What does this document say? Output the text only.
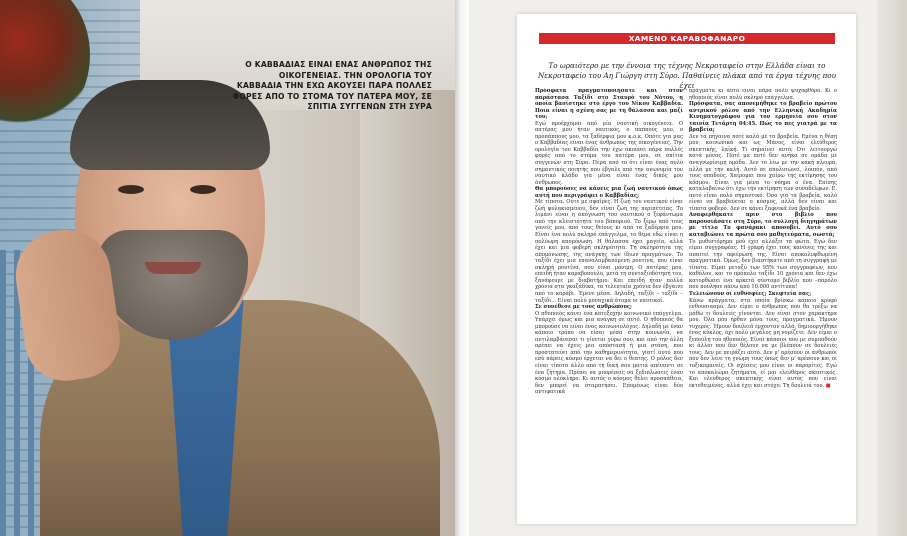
Ο ΚΑΒΒΑΔΙΑΣ ΕΙΝΑΙ ΕΝΑΣ ΑΝΘΡΩΠΟΣ ΤΗΣ ΟΙΚΟΓΕΝΕΙΑΣ. ΤΗΝ ΟΡΟΛΟΓΙΑ ΤΟΥ ΚΑΒΒΑΔΙΑ ΤΗΝ ΕΧΩ ΑΚΟΥΣΕΙ ΠΑΡΑ ΠΟΛΛΕΣ ΦΟΡΕΣ ΑΠΟ ΤΟ ΣΤΟΜΑ ΤΟΥ ΠΑΤΕΡΑ ΜΟΥ, ΣΕ ΣΠΙΤΙΑ ΣΥΓΓΕΝΩΝ ΣΤΗ ΣΥΡΑ
ΧΑΜΕΝΟ ΚΑΡΑΒΟΦΑΝΑΡΟ
Το ωραιότερο με την έννοια της τέχνης Νεκροταφείο στην Ελλάδα είναι το Νεκροταφείο του Αη Γιώργη στη Σύρο. Παθαίνεις πλάκα από τα έργα τέχνης που έχει

Πρόσφατα πραγματοποιήσατε και στον παράστασα Ταξίδι στο Σταυρό του Νότου, η οποία βασίστηκε στο έργο του Νίκου Καββαδία. Ποια είναι η σχέση σας με τη θάλασσα και μαζί του;

Εγώ προέρχομαι από μία ναυτική οικογένεια. Ο πατέρας μου ήταν ναυτικός, ο παππούς μου, ο προπάππους μου, τα ξαδέρφια μου κ.ο.κ. Οπότε για μας ο Καββαδίας είναι ένας άνθρωπος της οικογένειας. Την ορολογία του Καββαδία την έχω ακούσει πάρα πολλές φορές από το στόμα του πατέρα μου, σε σπίτια συγγενών στη Σύρα. Πέρα από το ότι είναι ένας πολύ σημαντικός ποιητής που έβγαλε από την ανωνυμία τον ναυτικό κλάδο για μένα είναι ένας δικός μου άνθρωπος.

Θα μπορούσες να κάνεις μια ζωή ναυτικού όπως αυτή που περιγράφει ο Καββαδίας;

Με τίποτα. Ούτε με σφαίρες. Η ζωή του ναυτικού είναι ζωή φυλακισμένου, δεν είναι ζωή της περιπέτειας. Το λιμάνι είναι η απόγνωση του ναυτικού ο ξεφάντωμα από την κλειστότητα του βαποριού. Το ξέρω από τους γονείς μου, από τους θείους κι από τα ξαδέρφια μου. Είναι ένα πολύ σκληρό επάγγελμα, το θέμα εδώ είναι η πολύωρη απομόνωση. Η θάλασσα έχει μαγεία, αλλά έχει και μια φοβερή σκληρότητα. Τη σκληρότητα της απομόνωσης, της ανάγκης των ίδιων πραγμάτων. Το ταξίδι έχει μια επαναλαμβανόμενη ρουτίνα, που είναι σκληρή ρουτίνα, που είναι μόνιμη. Ο πατέρας μου, επειδή ήταν καραβοπούλο, μετά τη συνταξιοδότησή του, ξανάφευγε με διαβατήριο. Και επειδή ήταν πολλά χρόνια στα γκαζάδικα, τα τελευταία χρόνια δεν έβγαινε από το καράβι. Έμενε μέσα. Δηλαδή, ταξίδι – ταξίδι – ταξίδι... Είναι πολύ μοναχικά άτομα οι ναυτικοί.

Σε συνέθεσε με τους ανθρώπους;

Ο πθοποιός κάνει ένα κατεξοχήν κοινωνικό επάγγελμα. Υπάρχει όμως και μια ανάγκη σε αυτό. Ο ηθοποιός θα μπορούσε να είναι ένας κοινωνιολόγος. Δηλαδή με έναν κάποιο τρόπο να είσαι μέσα στην κοινωνία, να αντιλαμβάνεσαι τι γίνεται γύρω σου, και από την άλλη πρέπει να έχεις μια απόστασή ή μια στάση, που προστατεύει από την καθημερινότητα, γιατί αυτό που εσύ πάρεις κόσμο έρχεται να δει ο θεατής. Ο ρόλος δεν είναι τίποτα άλλο από τη δική σου ματιά απέναντι σε ένα ζήτημα. Πρέπει να μπορέσεις να ξεδιπλώσεις έναν κόσμο ολόκληρο. Κι αυτός ο κόσμος θέλει προσπάθεια, δεν μπορεί να σταματήσει. Επομένως είναι δύο αντιφατικά

πράγματα κι αυτό είναι πάρα πολύ ψυχοφθόρο. Κι ο ηθοποιός είναι πολύ σκληρό επάγγελμα.

Πρόσφατα, σας απονεμήθηκε το βραβείο πρώτου αντρικού ρόλου από την Ελληνική Ακαδημία Κινηματογράφου για τον ερμηνεία σου στον ταινία Τετάρτη 04:45. Πώς το πες γιατρά με τα βραβεία;

Δεν τα πήγαινα ποτέ καλά με τα βραβεία. Εμένα η θέση μου, κοινωνικά και ως Μάνος, είναι ελεύθερος σκεπτικής, λαϊκή. Τι σημαίνει αυτό; Ότι λειτουργώ κατά μόνας. Ποτέ μα ποτέ δεν ανήκα σε ομάδα με αναγνωρίσιμη ομάδα. Δεν το λέω με την κακή πλευρά, αλλά με την καλή. Αυτό σε απολυτώνει, λοιπόν, από τους οπαδούς. Χαίρομαι που χαίρω της εκτίμησης του κόσμου. Είναι για μένα το νόημα ο ένα. Επίσης καταλαβαίνω ότι έχω την εκτίμηση των συναδέλφων. Ε. αυτό είναι πολύ σημαντικό. Όσο για τα βραβεία, καλό είναι να βραβεύεται ο κόσμος, αλλά δεν είναι και τίποτα φοβερό. Δεν σε κάνει ξαφνικά ένα βραβείο.

Αναφερθήκατε πριν στο βιβλίο που παρουσιάσατε στη Σύρο, το συλλογή διηγημάτων με τίτλο Το φανάρακι αποσοβεί. Αυτό σου καταβιώνει τα πρώτα σου μαθητεύματα, σωστά;

Το μυθιστόρημα μού έχει αλλάξει τα φώτα. Εγώ δεν είμαι συγγραφέας. Η γραφή έχει τους κανόνες της και απαιτεί την αφιέρωσή της. Είναι αποκαλυφθωμένη πραγματικά. Όμως, δεν βιαστήκατε από τη συγγραφή με τίποτα. Είμαι μεταξύ των 95% των συγγραφέων, που καθόλου, και το πρόπολο ταξίδι 10 χρόνια και δεν έχω κατορθώσει ένα αρκετά σύντομο βιβλίο που –παρόλο που πούλησε πάνω από 10.000 αντίτυπα!

Τελειώνουν οι ευθυσφίες; Σκεφτεία σας;

Κάνω πράγματα, στα οποία βρίσκω κάποιο κρυφό ενθουσιασμό. Δεν είμαι ο άνθρωπος που θα τρέξω να μάθω τι δουλειές γίνονται. Δεν είναι στον χαρακτήρα μου. Όλα μου ήρθαν μόνα τους, πραγματικά. Ήμουν τυχερός. Ήμουν δουλειά έρχονταν αλλά, δημιουργήθηκε ένας κύκλος, όχι πολύ μεγάλος μη νομίζετε. Δεν είμαι ο ξεπούλη του ηθοποιός. Είναι κάποιοι που με συμπαθούν κι άλλοι που δεν θέλουν να με βλέπουν σε δουλειές τους. Δεν με πειράζει αυτό. Δεν μ' αρέσουν οι άνθρωποι που δεν λένε τη γνώμη τους όπως δεν μ' αρέσουν και οι τοξικομανείς. Οι σχέσεις μου είναι οι παρορίτες. Εγώ το αποκαλώμα ζητήματα, εί μαι ελεύθερος σκεπτικός. Και ελεύθερος σκεπτικής είναι αυτός που είναι εκτεθειμένος, αλλά έχει και στόχο. Τη δουλειά του. ■
